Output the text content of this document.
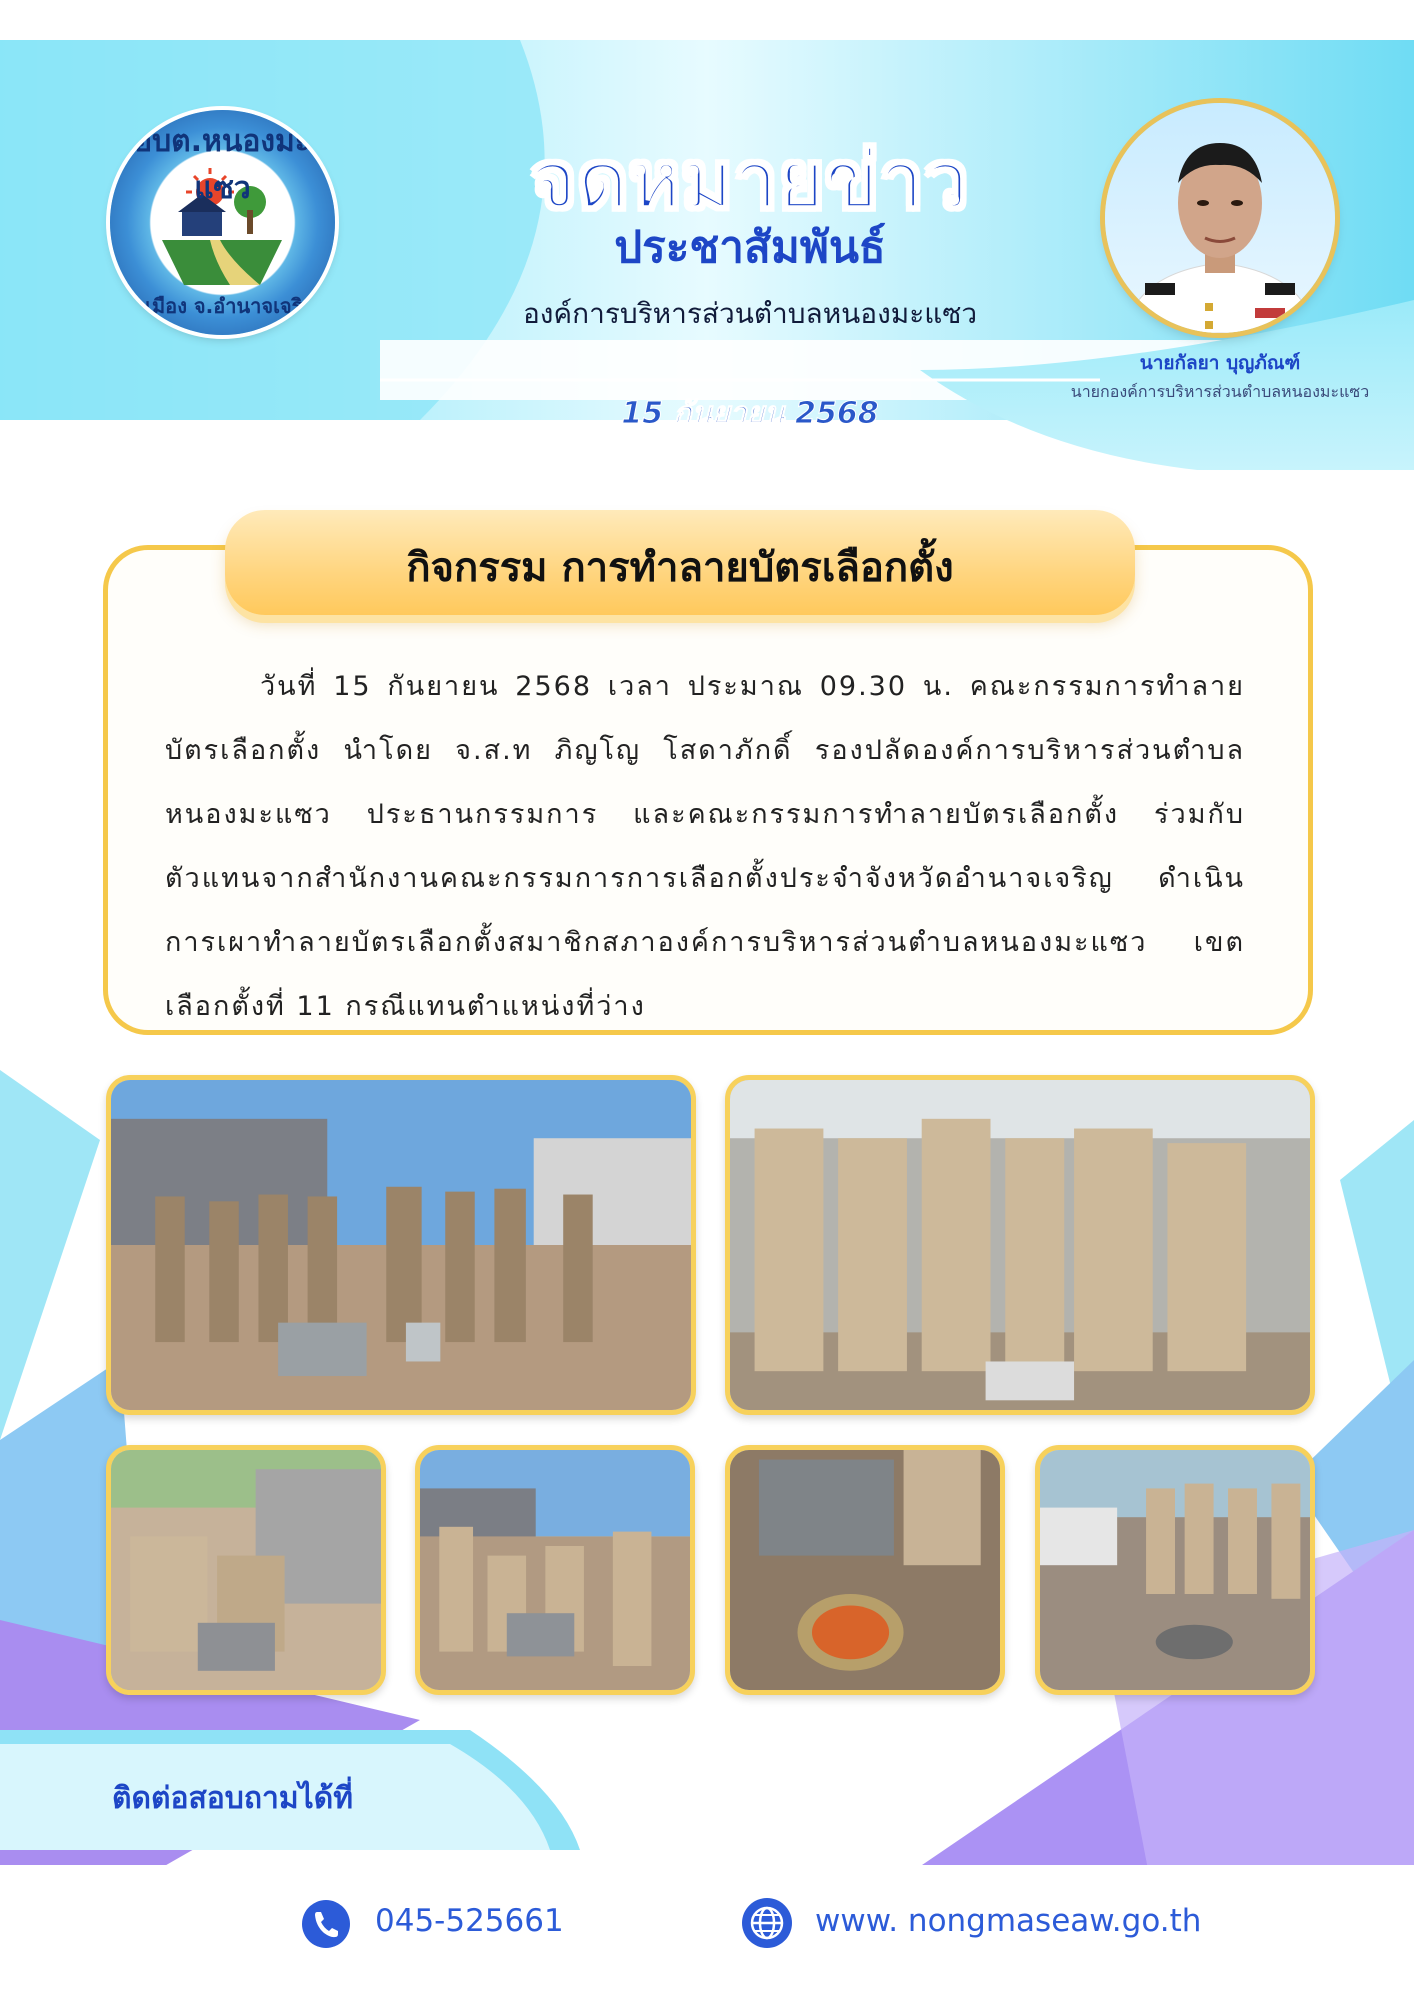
อบต.หนองมะแซว
อ.เมือง จ.อำนาจเจริญ
จดหมายข่าว
ประชาสัมพันธ์
องค์การบริหารส่วนตำบลหนองมะแซว
15 กันยายน 2568
นายกัลยา บุญภัณฑ์
นายกองค์การบริหารส่วนตำบลหนองมะแซว
กิจกรรม การทำลายบัตรเลือกตั้ง
วันที่ 15 กันยายน 2568 เวลา ประมาณ 09.30 น. คณะกรรมการทำลายบัตรเลือกตั้ง นำโดย จ.ส.ท ภิญโญ โสดาภักดิ์ รองปลัดองค์การบริหารส่วนตำบลหนองมะแซว ประธานกรรมการ และคณะกรรมการทำลายบัตรเลือกตั้ง ร่วมกับตัวแทนจากสำนักงานคณะกรรมการการเลือกตั้งประจำจังหวัดอำนาจเจริญ ดำเนินการเผาทำลายบัตรเลือกตั้งสมาชิกสภาองค์การบริหารส่วนตำบลหนองมะแซว เขตเลือกตั้งที่ 11 กรณีแทนตำแหน่งที่ว่าง
ติดต่อสอบถามได้ที่
045-525661	www. nongmaseaw.go.th
